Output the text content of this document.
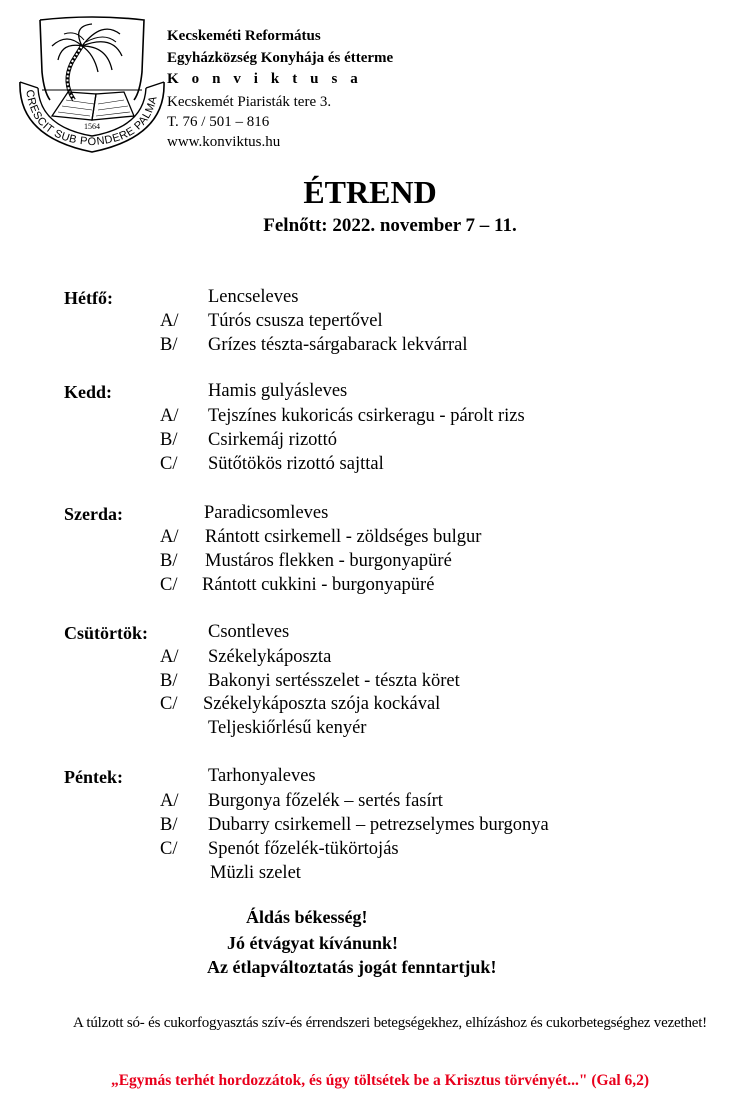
1564
CRESCIT SUB PONDERE PALMA
Kecskeméti Református
Egyházközség Konyhája és étterme
K o n v i k t u s a
Kecskemét Piaristák tere 3.
T. 76 / 501 – 816
www.konviktus.hu
ÉTREND
Felnőtt: 2022. november 7 – 11.
Hétfő:	Lencseleves
A/ Túrós csusza tepertővel
B/ Grízes tészta-sárgabarack lekvárral
Kedd:	Hamis gulyásleves
A/ Tejszínes kukoricás csirkeragu - párolt rizs
B/ Csirkemáj rizottó
C/ Sütőtökös rizottó sajttal
Szerda:	Paradicsomleves
A/ Rántott csirkemell - zöldséges bulgur
B/ Mustáros flekken - burgonyapüré
C/ Rántott cukkini - burgonyapüré
Csütörtök:	Csontleves
A/ Székelykáposzta
B/ Bakonyi sertésszelet - tészta köret
C/ Székelykáposzta szója kockával
Teljeskiőrlésű kenyér
Péntek:	Tarhonyaleves
A/ Burgonya főzelék – sertés fasírt
B/ Dubarry csirkemell – petrezselymes burgonya
C/ Spenót főzelék-tükörtojás
Müzli szelet
Áldás békesség!
Jó étvágyat kívánunk!
Az étlapváltoztatás jogát fenntartjuk!
A túlzott só- és cukorfogyasztás szív-és érrendszeri betegségekhez, elhízáshoz és cukorbetegséghez vezethet!
„Egymás terhét hordozzátok, és úgy töltsétek be a Krisztus törvényét..." (Gal 6,2)
